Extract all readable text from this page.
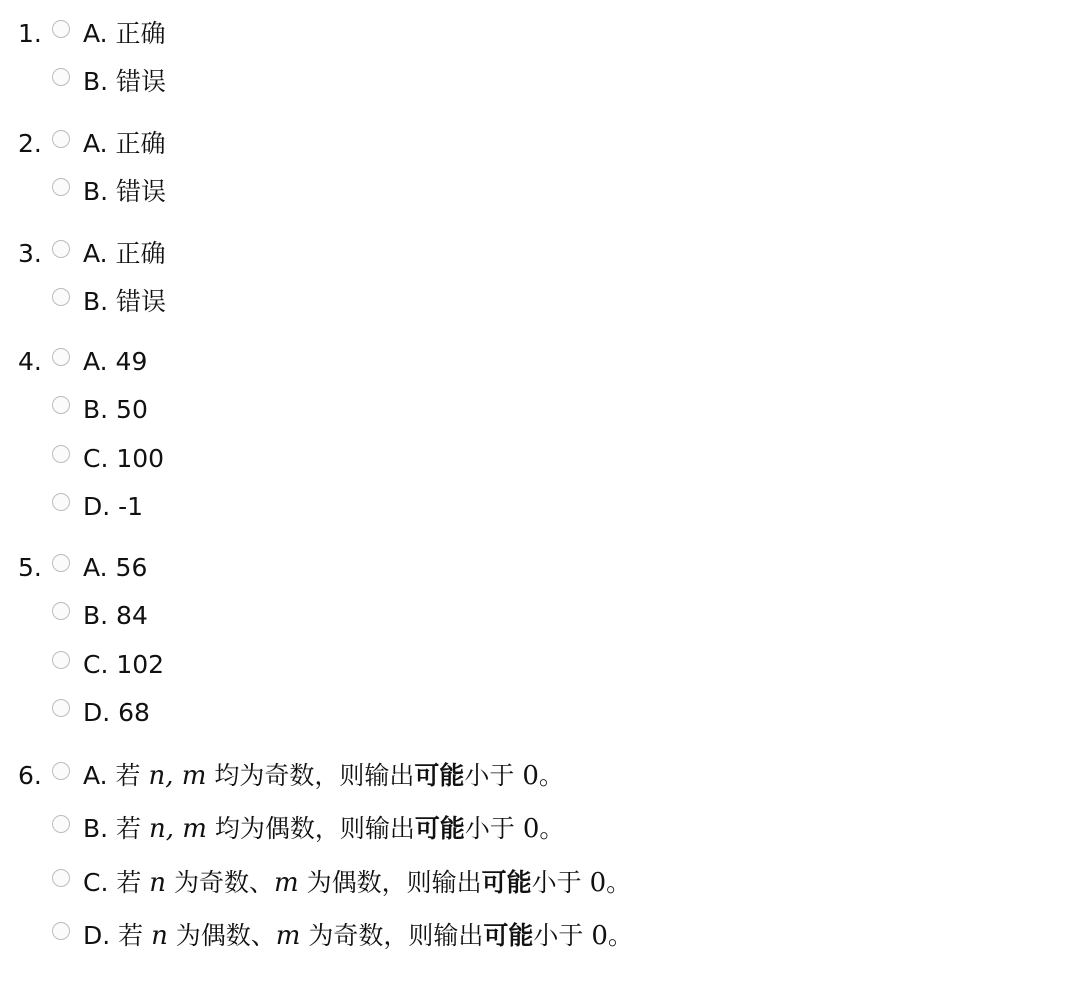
1. A. 正确
B. 错误
2. A. 正确
B. 错误
3. A. 正确
B. 错误
4. A. 49
B. 50
C. 100
D. -1
5. A. 56
B. 84
C. 102
D. 68
6. A. 若 n, m 均为奇数，则输出可能小于 0。
B. 若 n, m 均为偶数，则输出可能小于 0。
C. 若 n 为奇数、m 为偶数，则输出可能小于 0。
D. 若 n 为偶数、m 为奇数，则输出可能小于 0。
